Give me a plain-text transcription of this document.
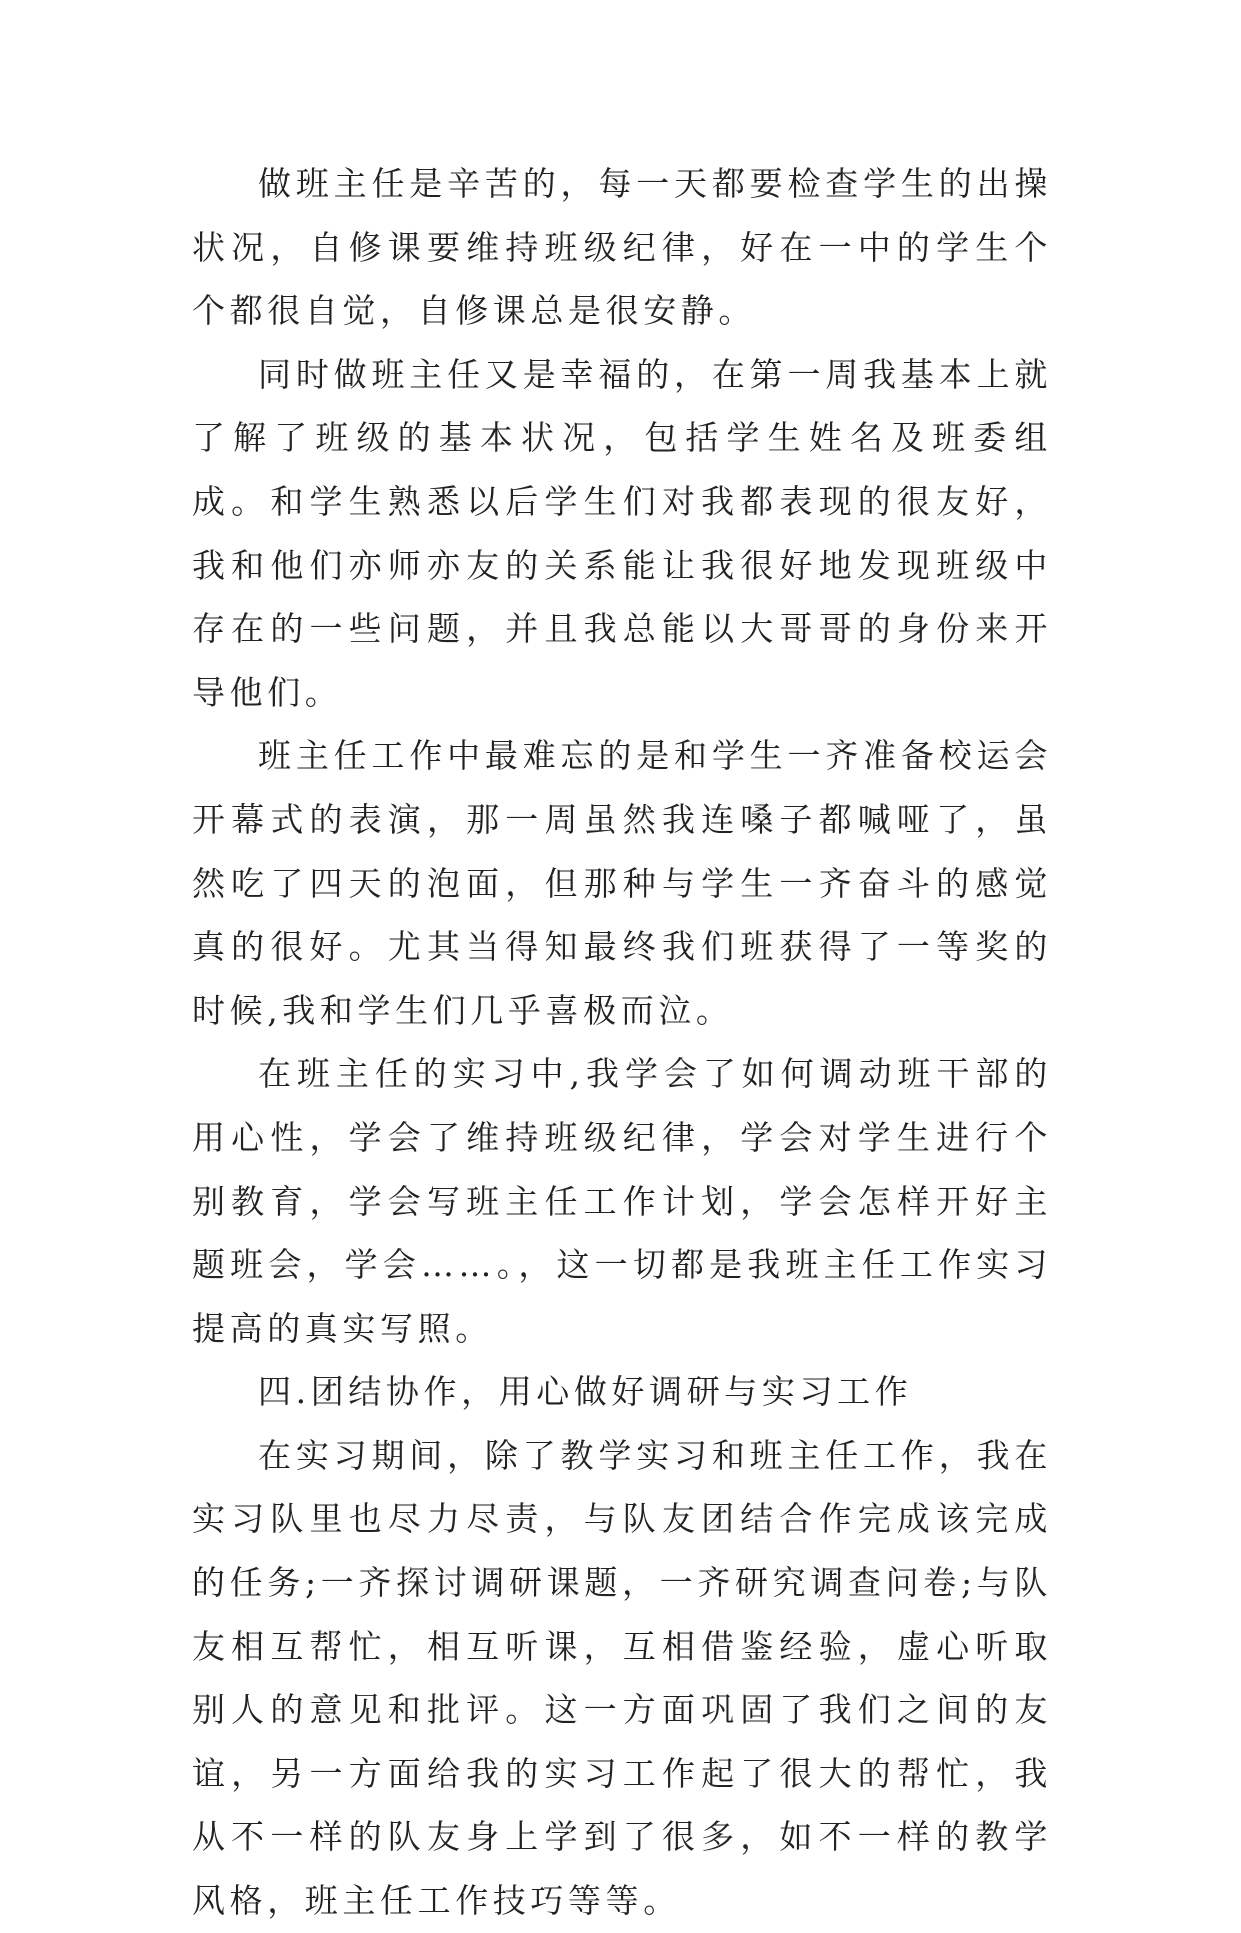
做班主任是辛苦的，每一天都要检查学生的出操状况，自修课要维持班级纪律，好在一中的学生个个都很自觉，自修课总是很安静。

同时做班主任又是幸福的，在第一周我基本上就了解了班级的基本状况，包括学生姓名及班委组成。和学生熟悉以后学生们对我都表现的很友好，我和他们亦师亦友的关系能让我很好地发现班级中存在的一些问题，并且我总能以大哥哥的身份来开导他们。

班主任工作中最难忘的是和学生一齐准备校运会开幕式的表演，那一周虽然我连嗓子都喊哑了，虽然吃了四天的泡面，但那种与学生一齐奋斗的感觉真的很好。尤其当得知最终我们班获得了一等奖的时候,我和学生们几乎喜极而泣。

在班主任的实习中,我学会了如何调动班干部的用心性，学会了维持班级纪律，学会对学生进行个别教育，学会写班主任工作计划，学会怎样开好主题班会，学会……。，这一切都是我班主任工作实习提高的真实写照。

四.团结协作，用心做好调研与实习工作

在实习期间，除了教学实习和班主任工作，我在实习队里也尽力尽责，与队友团结合作完成该完成的任务;一齐探讨调研课题，一齐研究调查问卷;与队友相互帮忙，相互听课，互相借鉴经验，虚心听取别人的意见和批评。这一方面巩固了我们之间的友谊，另一方面给我的实习工作起了很大的帮忙，我从不一样的队友身上学到了很多，如不一样的教学风格，班主任工作技巧等等。
